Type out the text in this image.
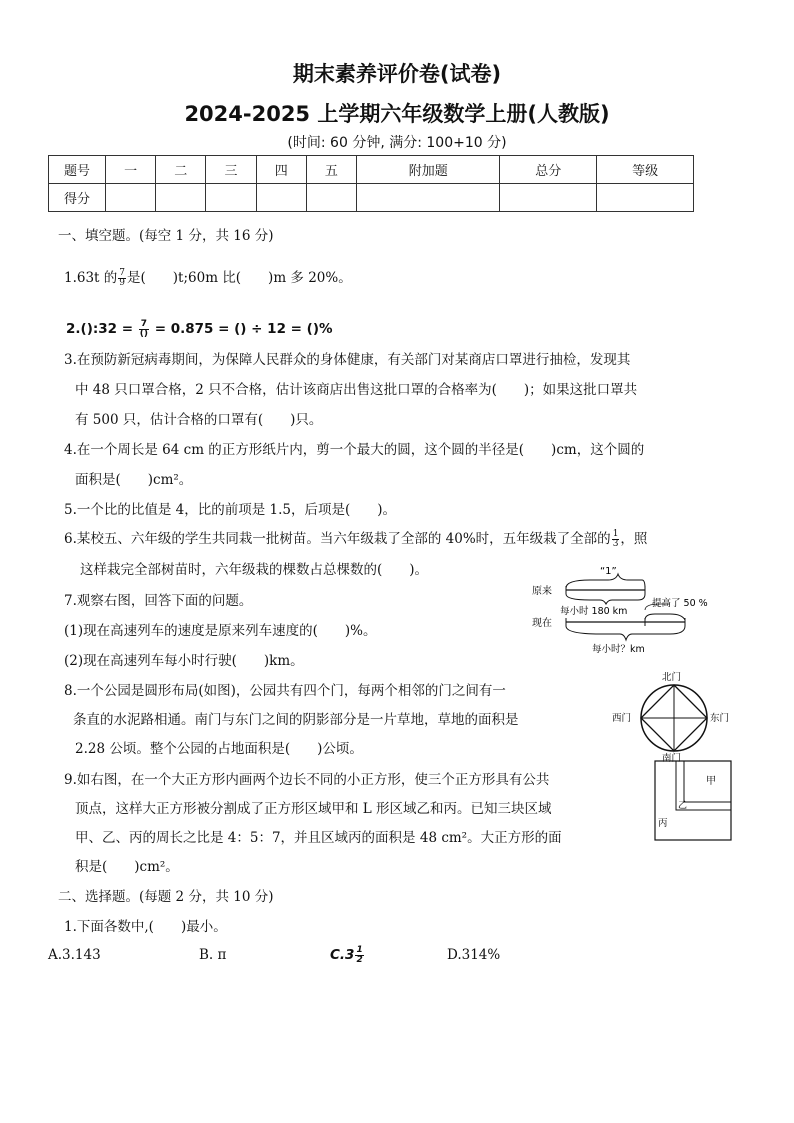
期末素养评价卷(试卷)
2024-2025 上学期六年级数学上册(人教版)
(时间: 60 分钟, 满分: 100+10 分)
题号	一	二	三	四	五	附加题	总分	等级
得分								
一、填空题。(每空 1 分，共 16 分)
1.63t 的 $\frac{7}{9}$ 是(　　)t;60m 比(　　)m 多 20%。
2.():32 = $\frac{7}{()} = 0.875$ = () ÷ 12 = ()%
3.在预防新冠病毒期间，为保障人民群众的身体健康，有关部门对某商店口罩进行抽检，发现其
中 48 只口罩合格，2 只不合格，估计该商店出售这批口罩的合格率为(　　)；如果这批口罩共
有 500 只，估计合格的口罩有(　　)只。
4.在一个周长是 64 cm 的正方形纸片内，剪一个最大的圆，这个圆的半径是(　　)cm，这个圆的
面积是(　　)cm²。
5.一个比的比值是 4，比的前项是 1.5，后项是(　　)。
6.某校五、六年级的学生共同栽一批树苗。当六年级栽了全部的 40%时，五年级栽了全部的 $\frac{1}{3}$ ，照
这样栽完全部树苗时，六年级栽的棵数占总棵数的(　　)。
7.观察右图，回答下面的问题。
(1)现在高速列车的速度是原来列车速度的(　　)%。
(2)现在高速列车每小时行驶(　　)km。
8.一个公园是圆形布局(如图)，公园共有四个门，每两个相邻的门之间有一
条直的水泥路相通。南门与东门之间的阴影部分是一片草地，草地的面积是
2.28 公顷。整个公园的占地面积是(　　)公顷。
9.如右图，在一个大正方形内画两个边长不同的小正方形，使三个正方形具有公共
顶点，这样大正方形被分割成了正方形区域甲和 L 形区域乙和丙。已知三块区域
甲、乙、丙的周长之比是 4：5：7，并且区域丙的面积是 48 cm²。大正方形的面
积是(　　)cm²。
二、选择题。(每题 2 分，共 10 分)
1.下面各数中,(　　)最小。
A.3.143	B. π	$C.3 \frac{1}{2}$	D.314%
“1”
原来
每小时 180 km
提高了 50 %
现在
每小时？km
北门
西门	东门
南门
甲
乙
丙
